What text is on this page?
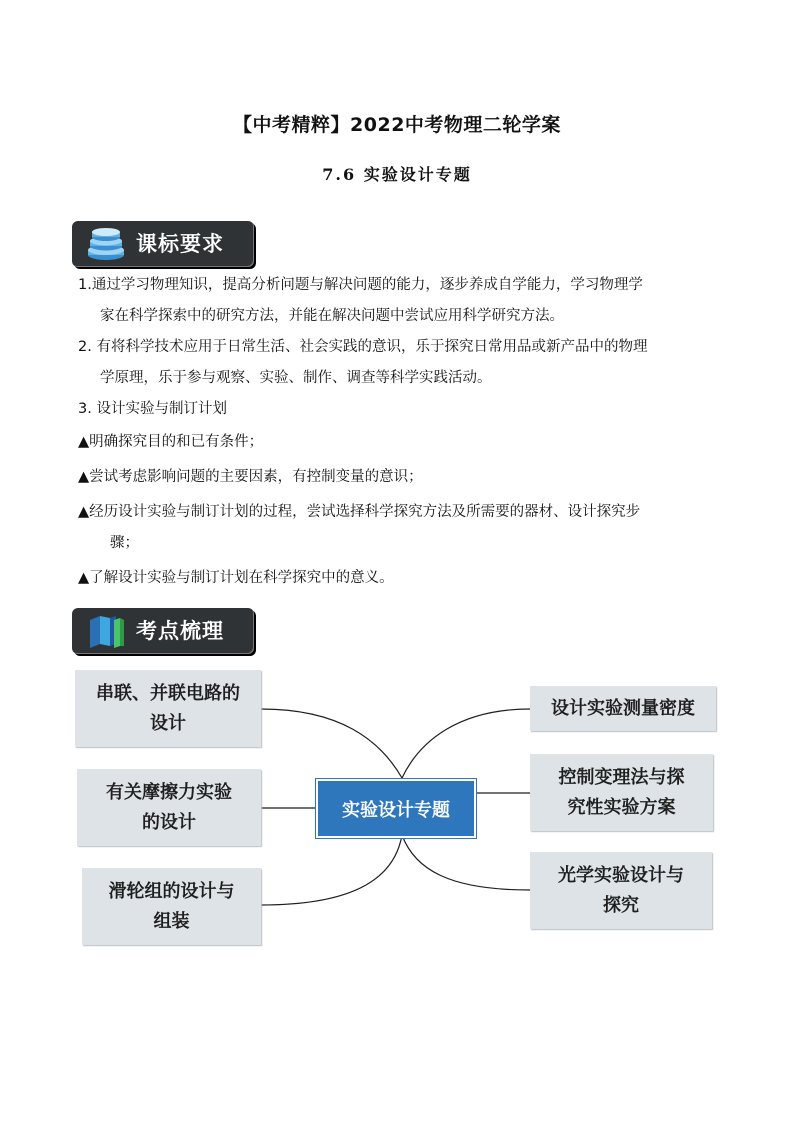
【中考精粹】2022中考物理二轮学案
7.6 实验设计专题
课标要求
1.通过学习物理知识，提高分析问题与解决问题的能力，逐步养成自学能力，学习物理学
家在科学探索中的研究方法，并能在解决问题中尝试应用科学研究方法。
2. 有将科学技术应用于日常生活、社会实践的意识，乐于探究日常用品或新产品中的物理
学原理，乐于参与观察、实验、制作、调查等科学实践活动。
3. 设计实验与制订计划
▲明确探究目的和已有条件；
▲尝试考虑影响问题的主要因素，有控制变量的意识；
▲经历设计实验与制订计划的过程，尝试选择科学探究方法及所需要的器材、设计探究步
骤；
▲了解设计实验与制订计划在科学探究中的意义。
考点梳理
串联、并联电路的
设计
有关摩擦力实验
的设计
滑轮组的设计与
组装
实验设计专题
设计实验测量密度
控制变理法与探
究性实验方案
光学实验设计与
探究
